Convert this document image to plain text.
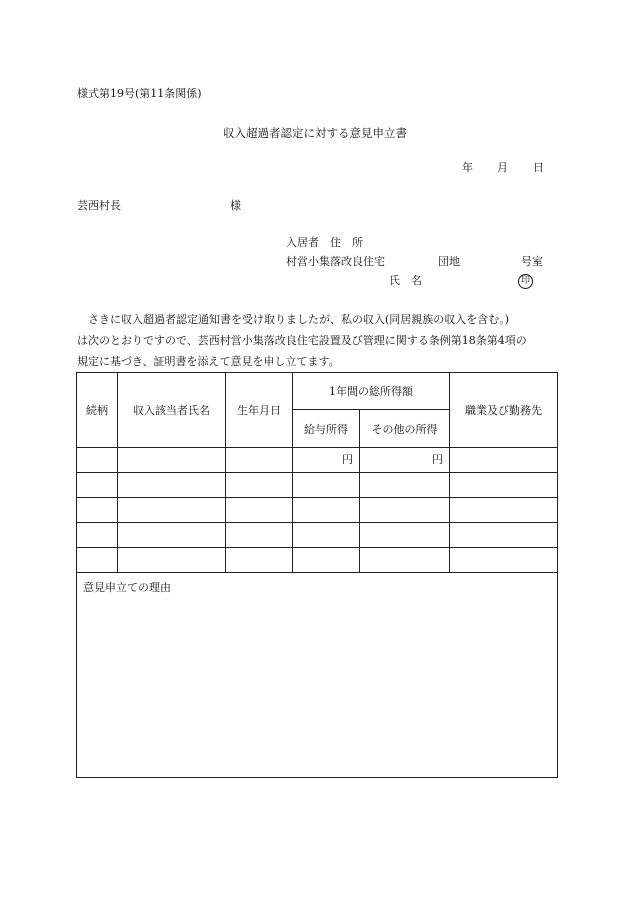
様式第19号(第11条関係)
収入超過者認定に対する意見申立書
年 月 日
芸西村長	様
入居者　住　所
村営小集落改良住宅	団地	号室
氏　名	印
　さきに収入超過者認定通知書を受け取りましたが、私の収入(同居親族の収入を含む。)
は次のとおりですので、芸西村営小集落改良住宅設置及び管理に関する条例第18条第4項の
規定に基づき、証明書を添えて意見を申し立てます。
続柄	収入該当者氏名	生年月日	1年間の総所得額		職業及び勤務先
			給与所得	その他の所得	
			円	円	

意見申立ての理由					
